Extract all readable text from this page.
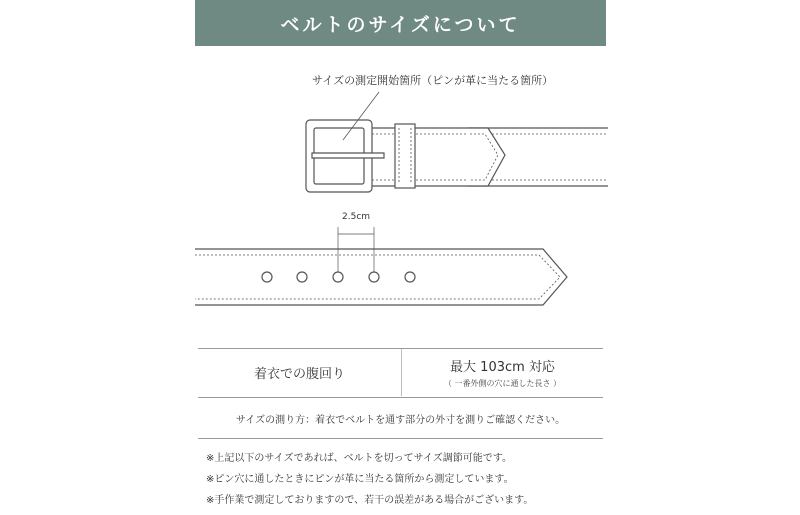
ベルトのサイズについて
サイズの測定開始箇所（ピンが革に当たる箇所）
2.5cm
着衣での腹回り	最大 103cm 対応
（ 一番外側の穴に通した長さ ）
サイズの測り方：着衣でベルトを通す部分の外寸を測りご確認ください。
※上記以下のサイズであれば、ベルトを切ってサイズ調節可能です。
※ピン穴に通したときにピンが革に当たる箇所から測定しています。
※手作業で測定しておりますので、若干の誤差がある場合がございます。
